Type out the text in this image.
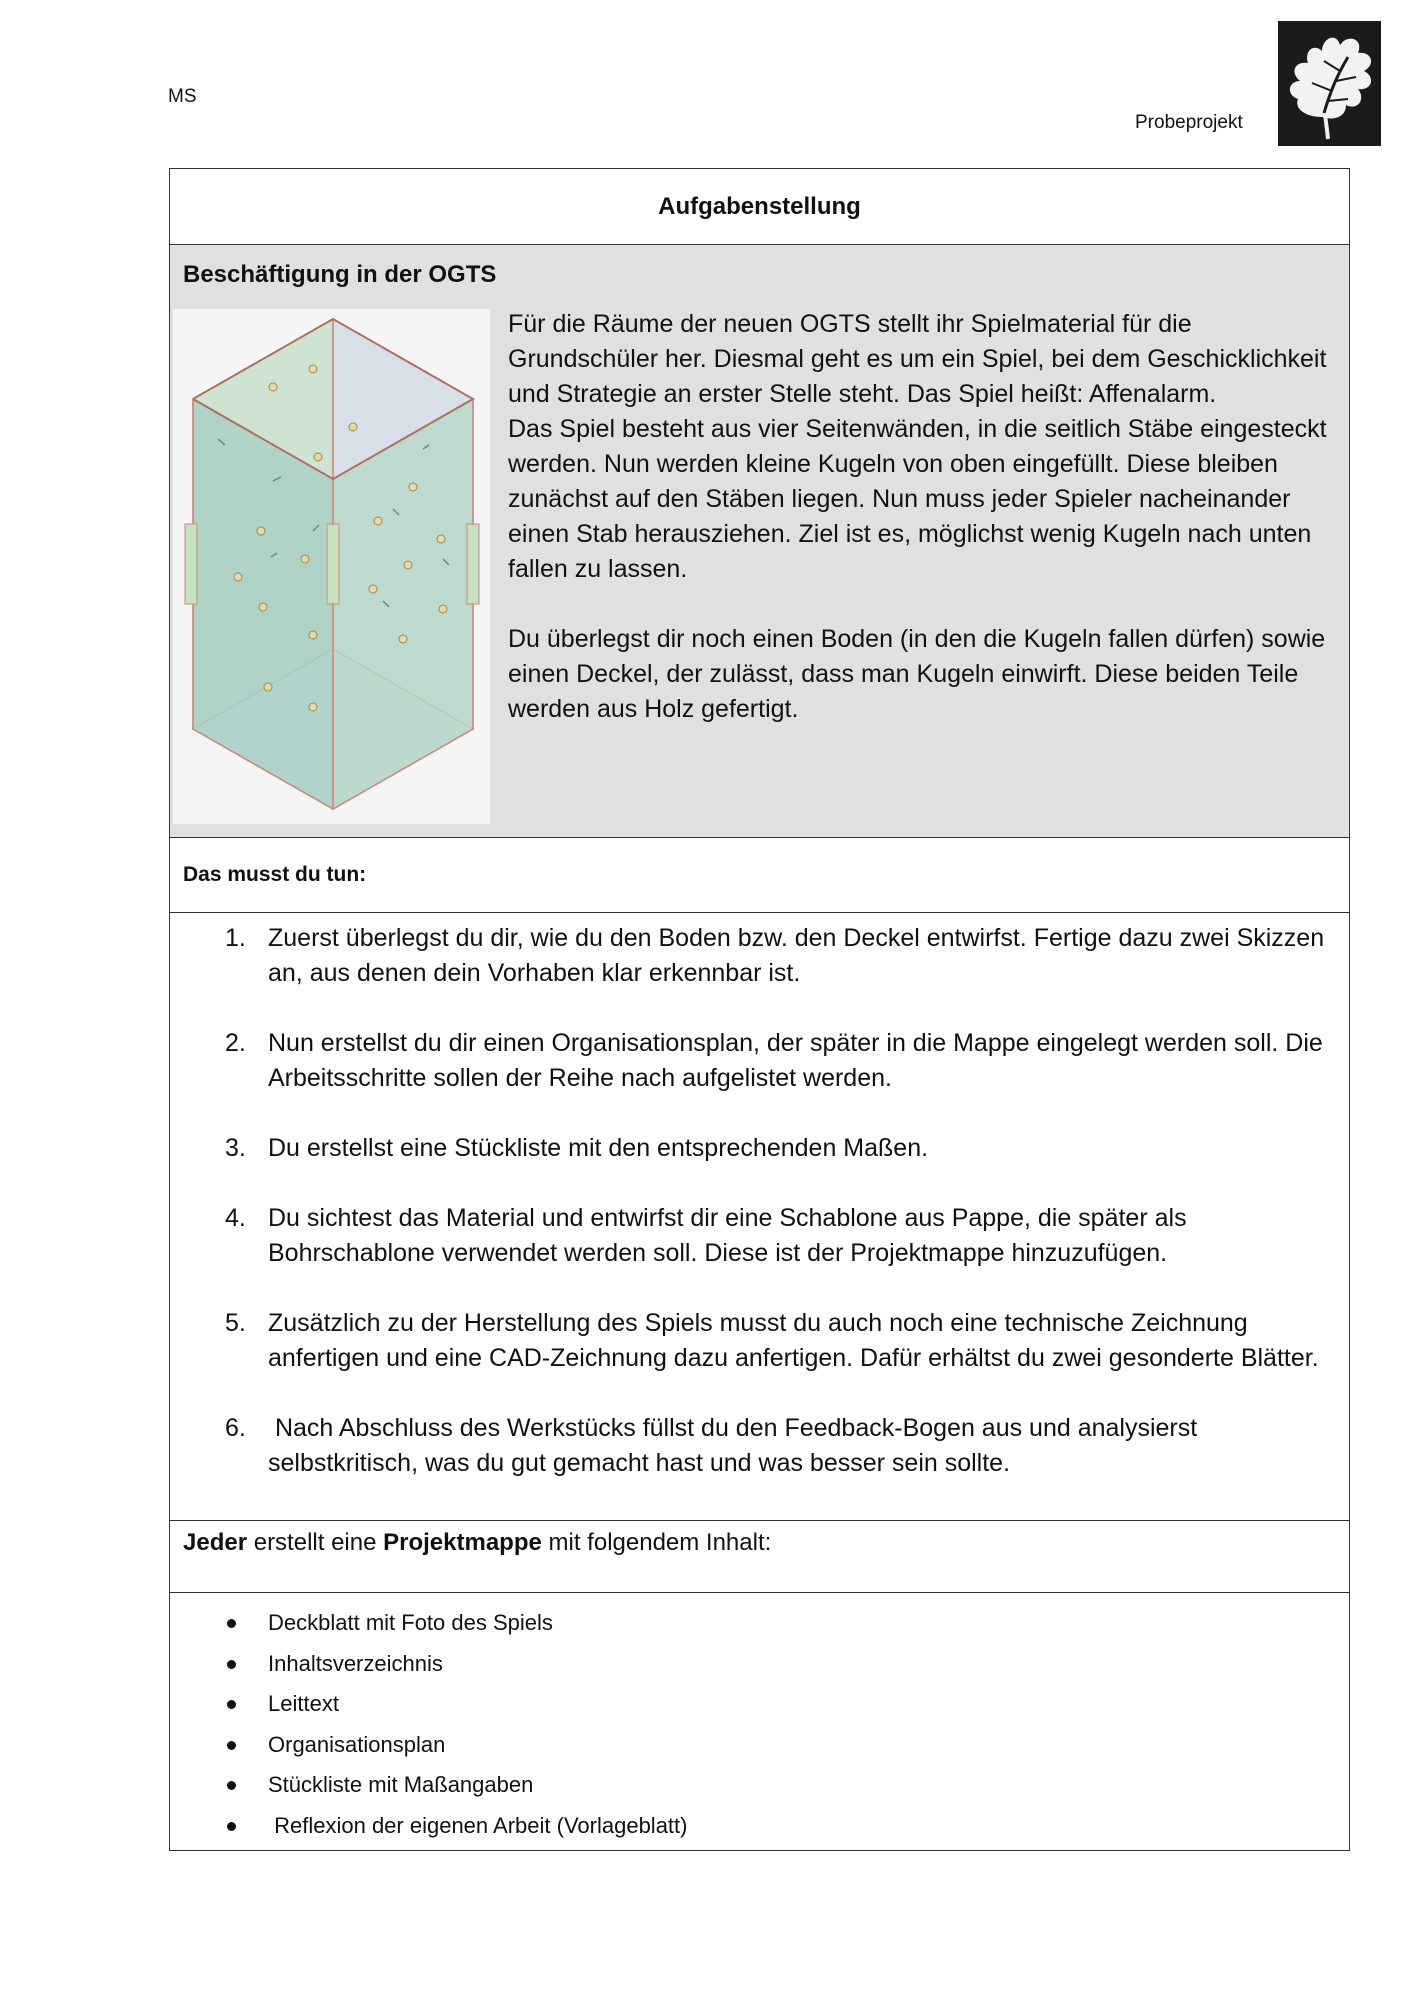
MS
Probeprojekt
Aufgabenstellung
Beschäftigung in der OGTS

Für die Räume der neuen OGTS stellt ihr Spielmaterial für die Grundschüler her. Diesmal geht es um ein Spiel, bei dem Geschicklichkeit und Strategie an erster Stelle steht. Das Spiel heißt: Affenalarm.

Das Spiel besteht aus vier Seitenwänden, in die seitlich Stäbe eingesteckt werden. Nun werden kleine Kugeln von oben eingefüllt. Diese bleiben zunächst auf den Stäben liegen. Nun muss jeder Spieler nacheinander einen Stab herausziehen. Ziel ist es, möglichst wenig Kugeln nach unten fallen zu lassen.

Du überlegst dir noch einen Boden (in den die Kugeln fallen dürfen) sowie einen Deckel, der zulässt, dass man Kugeln einwirft. Diese beiden Teile werden aus Holz gefertigt.

Das musst du tun:
1. Zuerst überlegst du dir, wie du den Boden bzw. den Deckel entwirfst. Fertige dazu zwei Skizzen an, aus denen dein Vorhaben klar erkennbar ist.
2. Nun erstellst du dir einen Organisationsplan, der später in die Mappe eingelegt werden soll. Die Arbeitsschritte sollen der Reihe nach aufgelistet werden.
3. Du erstellst eine Stückliste mit den entsprechenden Maßen.
4. Du sichtest das Material und entwirfst dir eine Schablone aus Pappe, die später als Bohrschablone verwendet werden soll. Diese ist der Projektmappe hinzuzufügen.
5. Zusätzlich zu der Herstellung des Spiels musst du auch noch eine technische Zeichnung anfertigen und eine CAD-Zeichnung dazu anfertigen. Dafür erhältst du zwei gesonderte Blätter.
6. Nach Abschluss des Werkstücks füllst du den Feedback-Bogen aus und analysierst selbstkritisch, was du gut gemacht hast und was besser sein sollte.
Jeder erstellt eine Projektmappe mit folgendem Inhalt:
Deckblatt mit Foto des Spiels
Inhaltsverzeichnis
Leittext
Organisationsplan
Stückliste mit Maßangaben
Reflexion der eigenen Arbeit (Vorlageblatt)
